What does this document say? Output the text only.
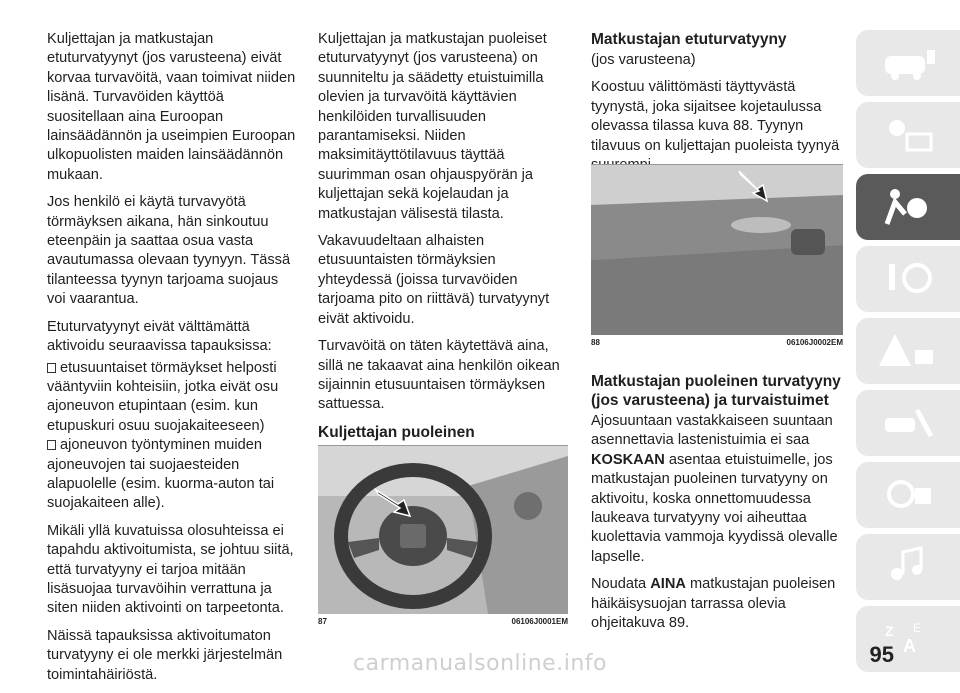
Kuljettajan ja matkustajan etuturvatyynyt (jos varusteena) eivät korvaa turvavöitä, vaan toimivat niiden lisänä. Turvavöiden käyttöä suositellaan aina Euroopan lainsäädännön ja useimpien Euroopan ulkopuolisten maiden lainsäädännön mukaan.

Jos henkilö ei käytä turvavyötä törmäyksen aikana, hän sinkoutuu eteenpäin ja saattaa osua vasta avautumassa olevaan tyynyyn. Tässä tilanteessa tyynyn tarjoama suojaus voi vaarantua.

Etuturvatyynyt eivät välttämättä aktivoidu seuraavissa tapauksissa:

etusuuntaiset törmäykset helposti vääntyviin kohteisiin, jotka eivät osu ajoneuvon etupintaan (esim. kun etupuskuri osuu suojakaiteeseen)
ajoneuvon työntyminen muiden ajoneuvojen tai suojaesteiden alapuolelle (esim. kuorma-auton tai suojakaiteen alle).

Mikäli yllä kuvatuissa olosuhteissa ei tapahdu aktivoitumista, se johtuu siitä, että turvatyyny ei tarjoa mitään lisäsuojaa turvavöihin verrattuna ja siten niiden aktivointi on tarpeetonta.

Näissä tapauksissa aktivoitumaton turvatyyny ei ole merkki järjestelmän toimintahäiriöstä.

Kuljettajan ja matkustajan puoleiset etuturvatyynyt (jos varusteena) on suunniteltu ja säädetty etuistuimilla olevien ja turvavöitä käyttävien henkilöiden turvallisuuden parantamiseksi. Niiden maksimitäyttötilavuus täyttää suurimman osan ohjauspyörän ja kuljettajan sekä kojelaudan ja matkustajan välisestä tilasta.

Vakavuudeltaan alhaisten etusuuntaisten törmäyksien yhteydessä (joissa turvavöiden tarjoama pito on riittävä) turvatyynyt eivät aktivoidu.

Turvavöitä on täten käytettävä aina, sillä ne takaavat aina henkilön oikean sijainnin etusuuntaisen törmäyksen sattuessa.

Kuljettajan puoleinen

87	06106J0001EM
Matkustajan etuturvatyyny

(jos varusteena)

Koostuu välittömästi täyttyvästä tyynystä, joka sijaitsee kojetaulussa olevassa tilassa kuva 88. Tyynyn tilavuus on kuljettajan puoleista tyynyä

88	06106J0002EM
Matkustajan puoleinen turvatyyny (jos varusteena) ja turvaistuimet

Ajosuuntaan vastakkaiseen suuntaan asennettavia lastenistuimia ei saa
KOSKAAN asentaa etuistuimelle, jos matkustajan puoleinen turvatyyny on aktivoitu, koska onnettomuudessa laukeava turvatyyny voi aiheuttaa kuolettavia vammoja kyydissä olevalle lapselle.

Noudata AINA matkustajan puoleisen häikäisysuojan tarrassa olevia ohjeitakuva 89.	Z E
A
95
carmanualsonline.info
